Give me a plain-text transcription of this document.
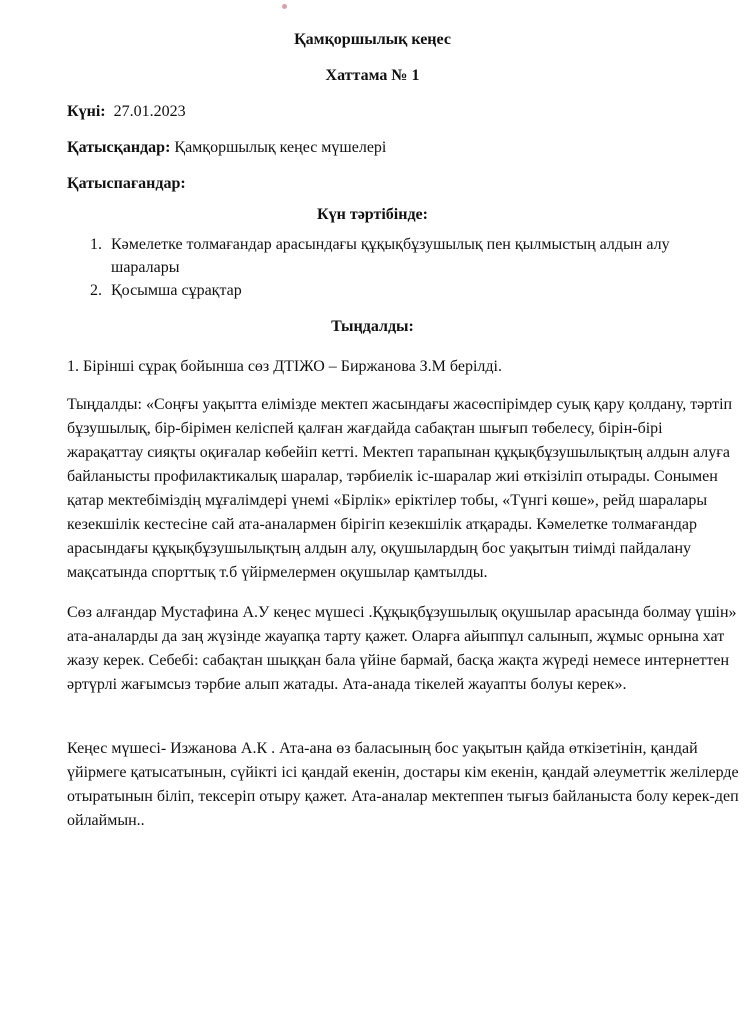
Қамқоршылық кеңес
Хаттама № 1

Күні: 27.01.2023

Қатысқандар: Қамқоршылық кеңес мүшелері

Қатыспағандар:

Күн тәртібінде:
1. Кәмелетке толмағандар арасындағы құқықбұзушылық пен қылмыстың алдын алу шаралары
2. Қосымша сұрақтар
Тыңдалды:

1. Бірінші сұрақ бойынша сөз ДТІЖО – Биржанова З.М берілді.

Тыңдалды: «Соңғы уақытта елімізде мектеп жасындағы жасөспірімдер суық қару қолдану, тәртіп бұзушылық, бір-бірімен келіспей қалған жағдайда сабақтан шығып төбелесу, бірін-бірі жарақаттау сияқты оқиғалар көбейіп кетті. Мектеп тарапынан құқықбұзушылықтың алдын алуға байланысты профилактикалық шаралар, тәрбиелік іс-шаралар жиі өткізіліп отырады. Сонымен қатар мектебіміздің мұғалімдері үнемі «Бірлік» еріктілер тобы, «Түнгі көше», рейд шаралары кезекшілік кестесіне сай ата-аналармен бірігіп кезекшілік атқарады. Кәмелетке толмағандар арасындағы құқықбұзушылықтың алдын алу, оқушылардың бос уақытын тиімді пайдалану мақсатында спорттық т.б үйірмелермен оқушылар қамтылды.

Сөз алғандар Мустафина А.У кеңес мүшесі .Құқықбұзушылық оқушылар арасында болмау үшін» ата-аналарды да заң жүзінде жауапқа тарту қажет. Оларға айыппұл салынып, жұмыс орнына хат жазу керек. Себебі: сабақтан шыққан бала үйіне бармай, басқа жақта жүреді немесе интернеттен әртүрлі жағымсыз тәрбие алып жатады. Ата-анада тікелей жауапты болуы керек».

Кеңес мүшесі- Изжанова А.К . Ата-ана өз баласының бос уақытын қайда өткізетінін, қандай үйірмеге қатысатынын, сүйікті ісі қандай екенін, достары кім екенін, қандай әлеуметтік желілерде отыратынын біліп, тексеріп отыру қажет. Ата-аналар мектеппен тығыз байланыста болу керек-деп ойлаймын..
